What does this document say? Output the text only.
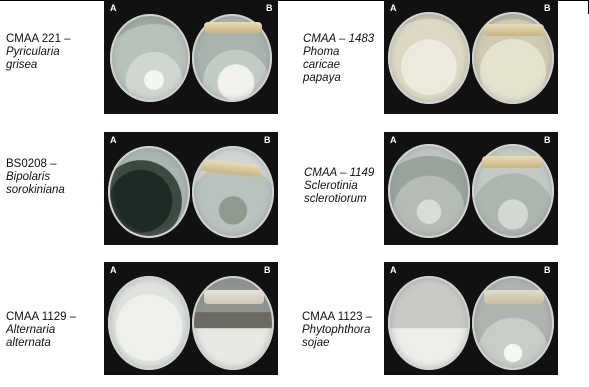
CMAA 221 –
Pyricularia
grisea
A	B
CMAA – 1483
Phoma
caricae
papaya
A	B
BS0208 –
Bipolaris
sorokiniana
A	B
CMAA – 1149
Sclerotinia
sclerotiorum
A	B
CMAA 1129 –
Alternaria
alternata
A	B
CMAA 1123 –
Phytophthora
sojae
A	B
